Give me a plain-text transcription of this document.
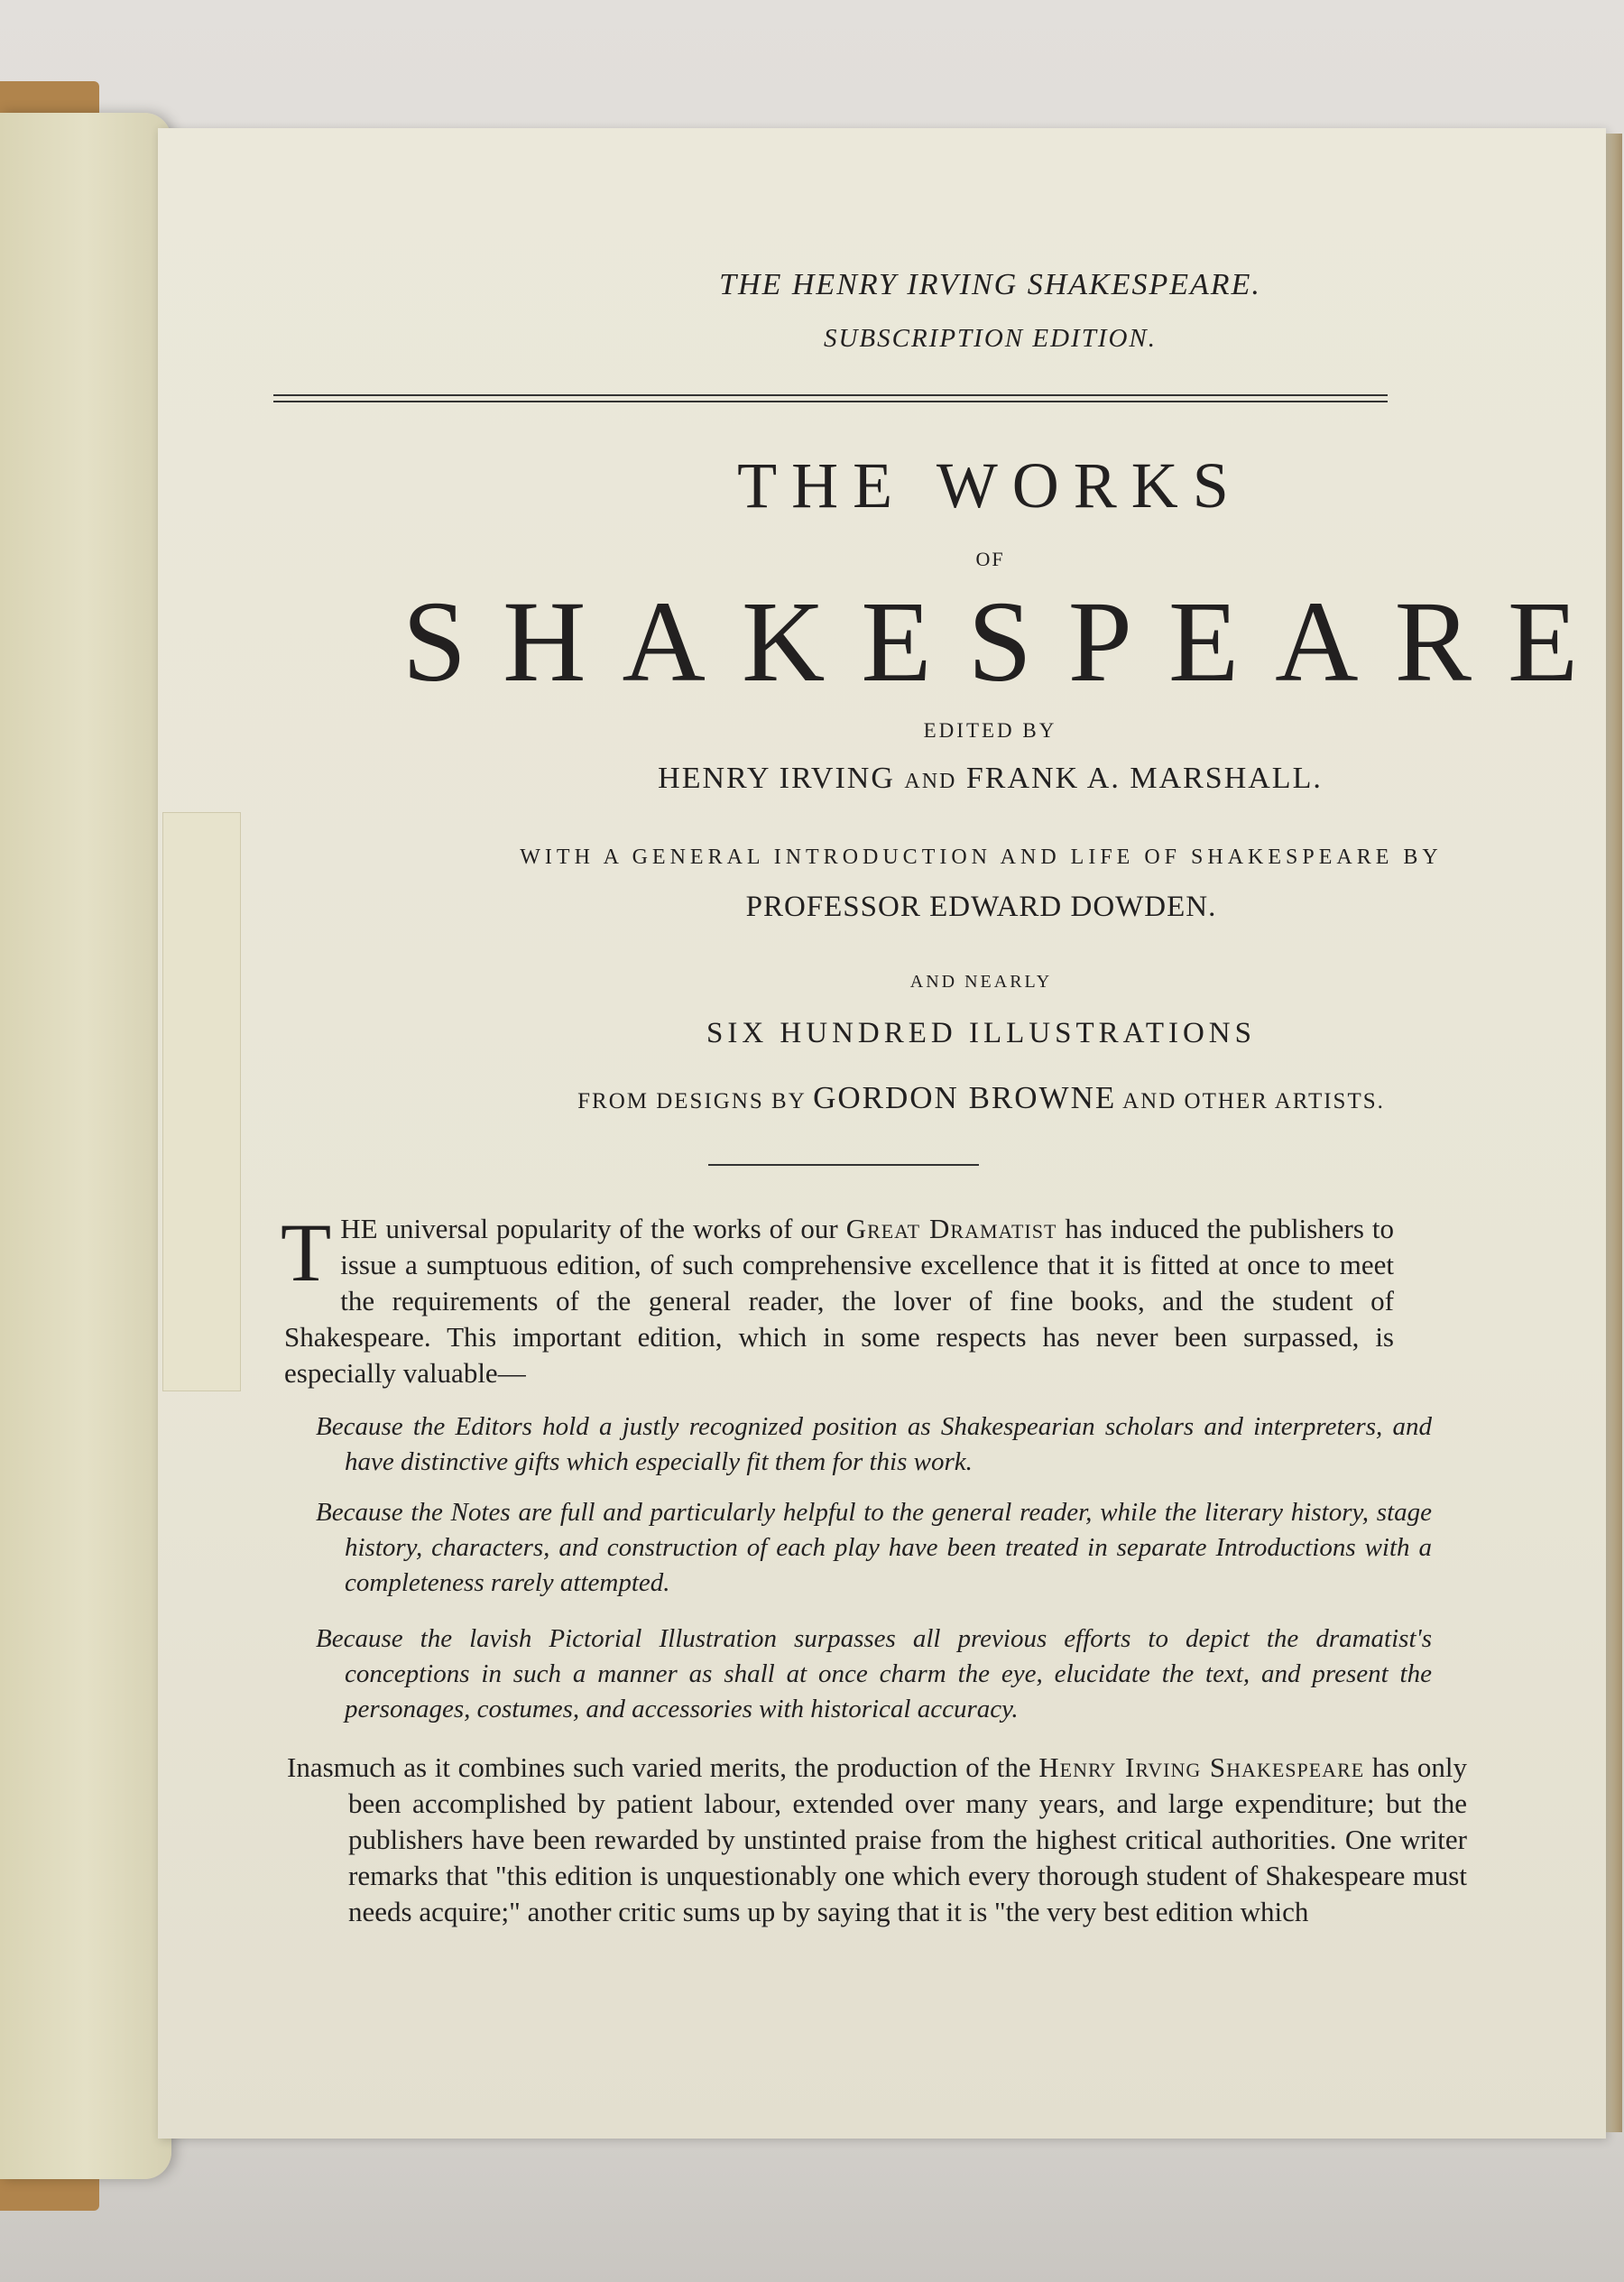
THE HENRY IRVING SHAKESPEARE.
SUBSCRIPTION EDITION.
THE WORKS
OF
SHAKESPEARE
EDITED BY
HENRY IRVING AND FRANK A. MARSHALL.
WITH A GENERAL INTRODUCTION AND LIFE OF SHAKESPEARE BY
PROFESSOR EDWARD DOWDEN.
AND NEARLY
SIX HUNDRED ILLUSTRATIONS
FROM DESIGNS BY GORDON BROWNE AND OTHER ARTISTS.
THE universal popularity of the works of our Great Dramatist has induced the publishers to issue a sumptuous edition, of such comprehensive excellence that it is fitted at once to meet the requirements of the general reader, the lover of fine books, and the student of Shakespeare. This important edition, which in some respects has never been surpassed, is especially valuable—
Because the Editors hold a justly recognized position as Shakespearian scholars and interpreters, and have distinctive gifts which especially fit them for this work.
Because the Notes are full and particularly helpful to the general reader, while the literary history, stage history, characters, and construction of each play have been treated in separate Introductions with a completeness rarely attempted.
Because the lavish Pictorial Illustration surpasses all previous efforts to depict the dramatist's conceptions in such a manner as shall at once charm the eye, elucidate the text, and present the personages, costumes, and accessories with historical accuracy.
Inasmuch as it combines such varied merits, the production of the Henry Irving Shakespeare has only been accomplished by patient labour, extended over many years, and large expenditure; but the publishers have been rewarded by unstinted praise from the highest critical authorities. One writer remarks that "this edition is unquestionably one which every thorough student of Shakespeare must needs acquire;" another critic sums up by saying that it is "the very best edition which
